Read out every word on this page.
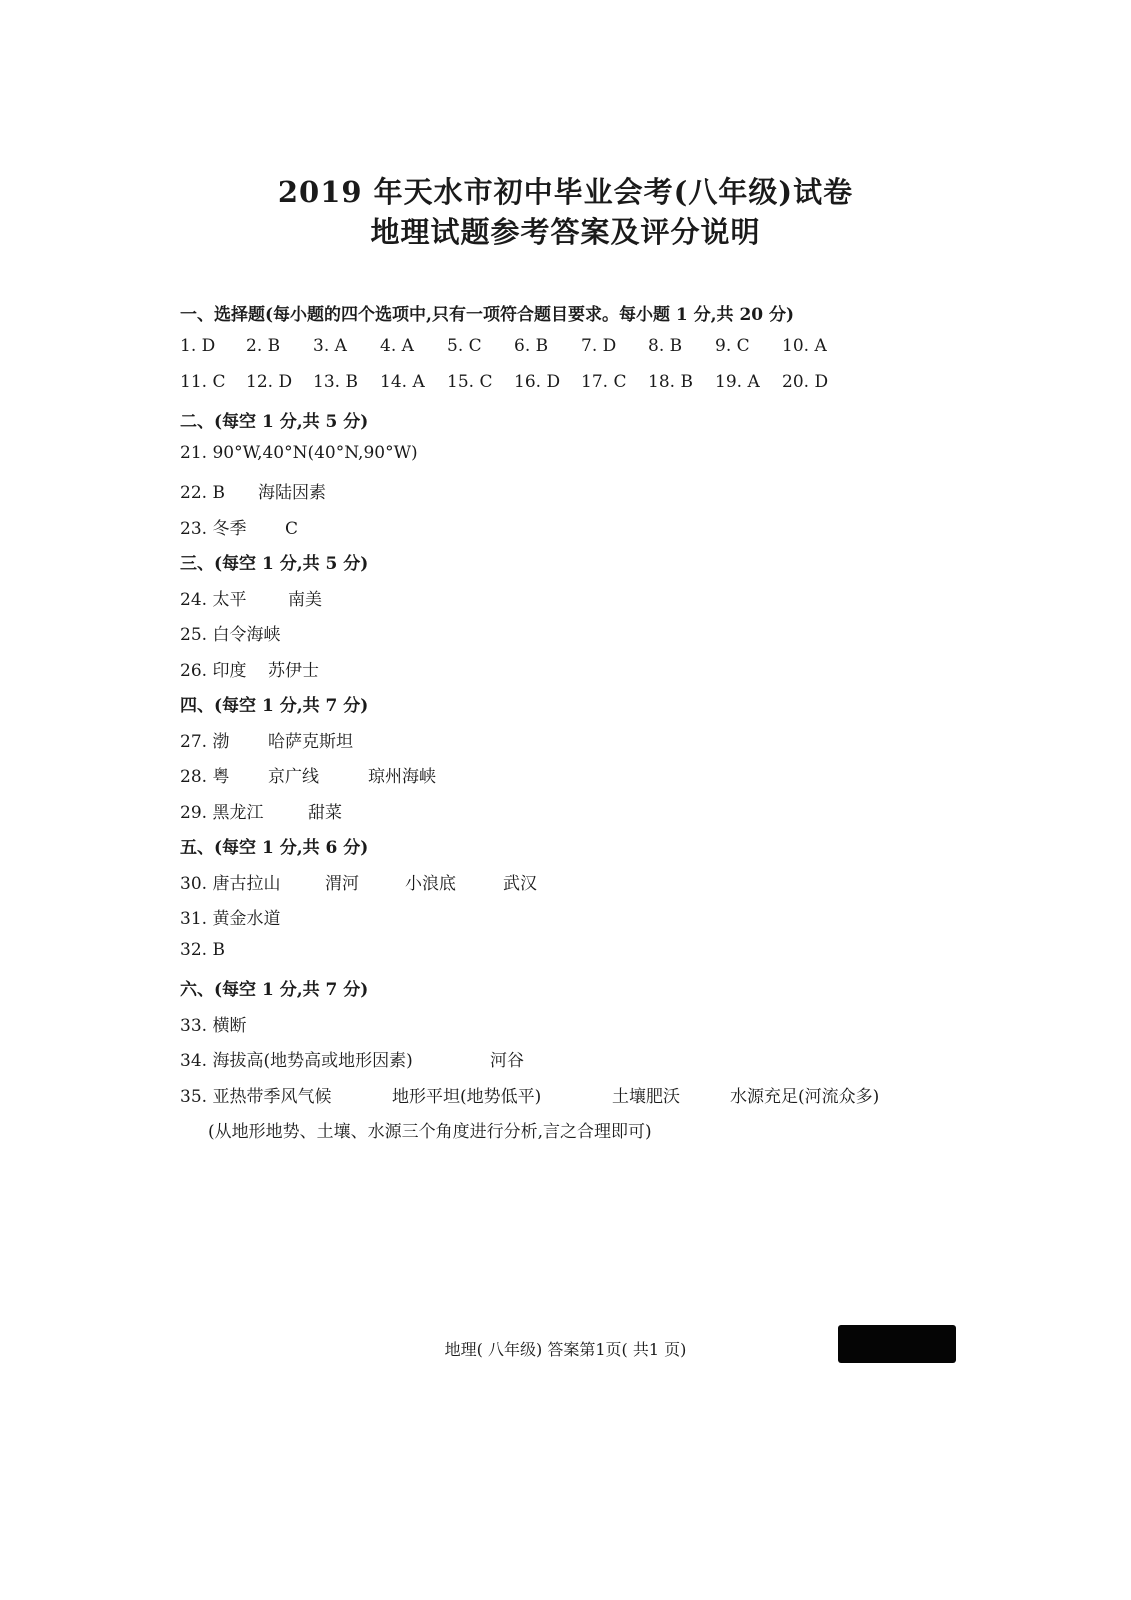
2019 年天水市初中毕业会考(八年级)试卷
地理试题参考答案及评分说明
一、选择题(每小题的四个选项中,只有一项符合题目要求。每小题 1 分,共 20 分)
1. D 2. B 3. A 4. A 5. C 6. B 7. D 8. B 9. C 10. A
11. C 12. D 13. B 14. A 15. C 16. D 17. C 18. B 19. A 20. D
二、(每空 1 分,共 5 分)
21. 90°W,40°N(40°N,90°W)
22. B 海陆因素
23. 冬季 C
三、(每空 1 分,共 5 分)
24. 太平 南美
25. 白令海峡
26. 印度 苏伊士
四、(每空 1 分,共 7 分)
27. 渤 哈萨克斯坦
28. 粤 京广线	琼州海峡
29. 黑龙江	甜菜
五、(每空 1 分,共 6 分)
30. 唐古拉山	渭河	小浪底	武汉
31. 黄金水道
32. B
六、(每空 1 分,共 7 分)
33. 横断
34. 海拔高(地势高或地形因素)	河谷
35. 亚热带季风气候	地形平坦(地势低平)	土壤肥沃	水源充足(河流众多)
(从地形地势、土壤、水源三个角度进行分析,言之合理即可)
地理( 八年级) 答案第1页( 共1 页)
